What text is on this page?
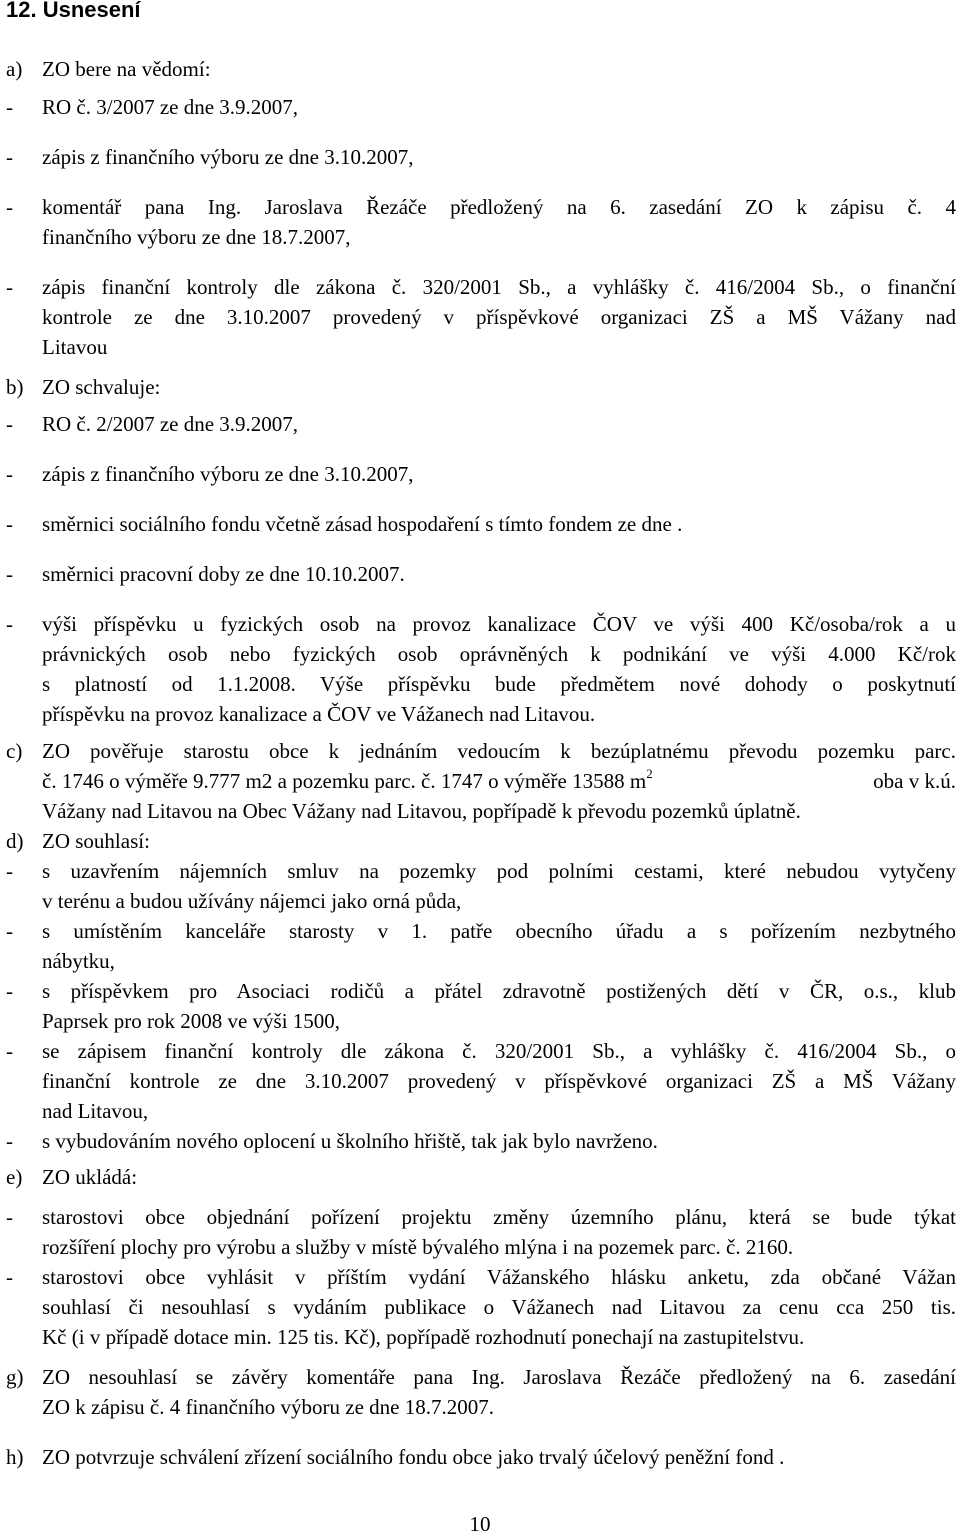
12. Usnesení
a) ZO bere na vědomí:
- RO č. 3/2007 ze dne 3.9.2007,
- zápis z finančního výboru ze dne 3.10.2007,
- komentář pana Ing. Jaroslava Řezáče předložený na 6. zasedání ZO k zápisu č. 4
finančního výboru ze dne 18.7.2007,
- zápis finanční kontroly dle zákona č. 320/2001 Sb., a vyhlášky č. 416/2004 Sb., o finanční
kontrole ze dne 3.10.2007 provedený v příspěvkové organizaci ZŠ a MŠ Vážany nad
Litavou
b) ZO schvaluje:
- RO č. 2/2007 ze dne 3.9.2007,
- zápis z finančního výboru ze dne 3.10.2007,
- směrnici sociálního fondu včetně zásad hospodaření s tímto fondem ze dne .
- směrnici pracovní doby ze dne 10.10.2007.
- výši příspěvku u fyzických osob na provoz kanalizace ČOV ve výši 400 Kč/osoba/rok a u
právnických osob nebo fyzických osob oprávněných k podnikání ve výši 4.000 Kč/rok
s platností od 1.1.2008. Výše příspěvku bude předmětem nové dohody o poskytnutí
příspěvku na provoz kanalizace a ČOV ve Vážanech nad Litavou.
c) ZO pověřuje starostu obce k jednáním vedoucím k bezúplatnému převodu pozemku parc.
č. 1746 o výměře 9.777 m2 a pozemku parc. č. 1747 o výměře 13588 $m^2$	oba v k.ú.
Vážany nad Litavou na Obec Vážany nad Litavou, popřípadě k převodu pozemků úplatně.
d) ZO souhlasí:
- s uzavřením nájemních smluv na pozemky pod polními cestami, které nebudou vytyčeny
v terénu a budou užívány nájemci jako orná půda,
- s umístěním kanceláře starosty v 1. patře obecního úřadu a s pořízením nezbytného
nábytku,
- s příspěvkem pro Asociaci rodičů a přátel zdravotně postižených dětí v ČR, o.s., klub
Paprsek pro rok 2008 ve výši 1500,
- se zápisem finanční kontroly dle zákona č. 320/2001 Sb., a vyhlášky č. 416/2004 Sb., o
finanční kontrole ze dne 3.10.2007 provedený v příspěvkové organizaci ZŠ a MŠ Vážany
nad Litavou,
- s vybudováním nového oplocení u školního hřiště, tak jak bylo navrženo.
e) ZO ukládá:
- starostovi obce objednání pořízení projektu změny územního plánu, která se bude týkat
rozšíření plochy pro výrobu a služby v místě bývalého mlýna i na pozemek parc. č. 2160.
- starostovi obce vyhlásit v příštím vydání Vážanského hlásku anketu, zda občané Vážan
souhlasí či nesouhlasí s vydáním publikace o Vážanech nad Litavou za cenu cca 250 tis.
Kč (i v případě dotace min. 125 tis. Kč), popřípadě rozhodnutí ponechají na zastupitelstvu.
g) ZO nesouhlasí se závěry komentáře pana Ing. Jaroslava Řezáče předložený na 6. zasedání
ZO k zápisu č. 4 finančního výboru ze dne 18.7.2007.
h) ZO potvrzuje schválení zřízení sociálního fondu obce jako trvalý účelový peněžní fond .
10
